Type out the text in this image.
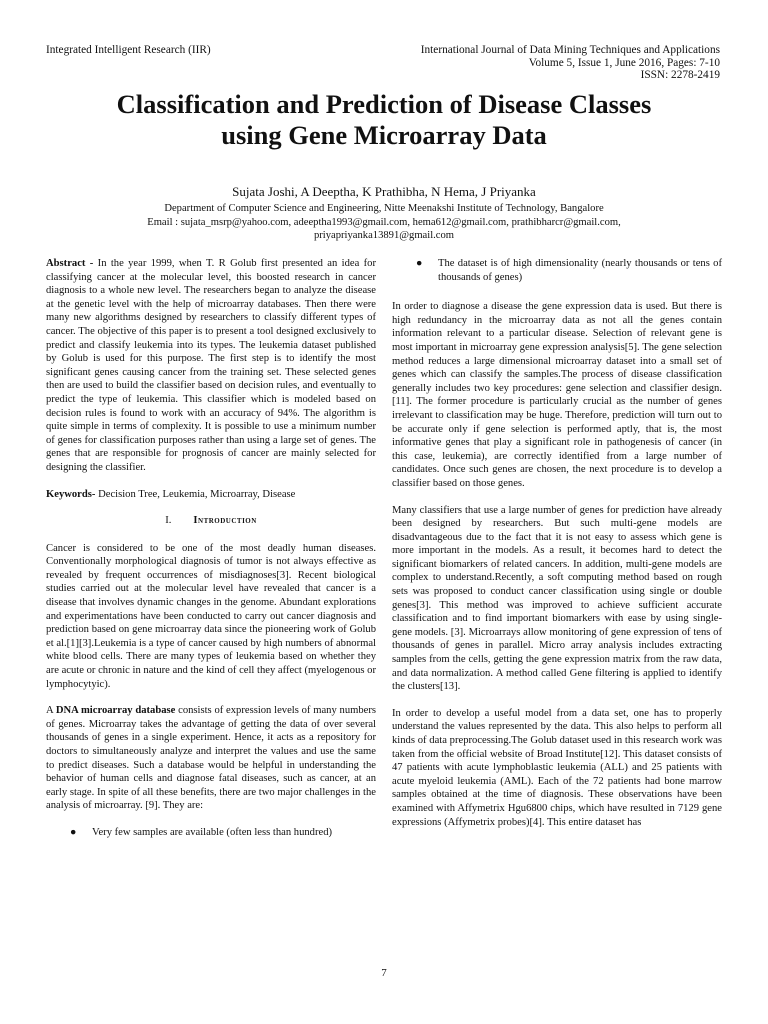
Integrated Intelligent Research (IIR)	International Journal of Data Mining Techniques and Applications
Volume 5, Issue 1, June 2016, Pages: 7-10
ISSN: 2278-2419
Classification and Prediction of Disease Classes
using Gene Microarray Data
Sujata Joshi, A Deeptha, K Prathibha, N Hema, J Priyanka
Department of Computer Science and Engineering, Nitte Meenakshi Institute of Technology, Bangalore
Email : sujata_msrp@yahoo.com, adeeptha1993@gmail.com, hema612@gmail.com, prathibharcr@gmail.com,
priyapriyanka13891@gmail.com

Abstract - In the year 1999, when T. R Golub first presented an idea for classifying cancer at the molecular level, this boosted research in cancer diagnosis to a whole new level. The researchers began to analyze the disease at the genetic level with the help of microarray databases. Then there were many new algorithms designed by researchers to classify different types of cancer. The objective of this paper is to present a tool designed exclusively to predict and classify leukemia into its types. The leukemia dataset published by Golub is used for this purpose. The first step is to identify the most significant genes causing cancer from the training set. These selected genes then are used to build the classifier based on decision rules, and eventually to predict the type of leukemia. This classifier which is modeled based on decision rules is found to work with an accuracy of 94%. The algorithm is quite simple in terms of complexity. It is possible to use a minimum number of genes for classification purposes rather than using a large set of genes. The genes that are responsible for prognosis of cancer are mainly selected for designing the classifier.

Keywords- Decision Tree, Leukemia, Microarray, Disease

I. Introduction

Cancer is considered to be one of the most deadly human diseases. Conventionally morphological diagnosis of tumor is not always effective as revealed by frequent occurrences of misdiagnoses[3]. Recent biological studies carried out at the molecular level have revealed that cancer is a disease that involves dynamic changes in the genome. Abundant explorations and experimentations have been conducted to carry out cancer diagnosis and prediction based on gene microarray data since the pioneering work of Golub et al.[1][3].Leukemia is a type of cancer caused by high numbers of abnormal white blood cells. There are many types of leukemia based on whether they are acute or chronic in nature and the kind of cell they affect (myelogenous or lymphocytyic).

A DNA microarray database consists of expression levels of many numbers of genes. Microarray takes the advantage of getting the data of over several thousands of genes in a single experiment. Hence, it acts as a repository for doctors to simultaneously analyze and interpret the values and use the same to predict diseases. Such a database would be helpful in understanding the behavior of human cells and diagnose fatal diseases, such as cancer, at an early stage. In spite of all these benefits, there are two major challenges in the analysis of microarray. [9]. They are:

● Very few samples are available (often less than hundred)
● The dataset is of high dimensionality (nearly thousands or tens of thousands of genes)

In order to diagnose a disease the gene expression data is used. But there is high redundancy in the microarray data as not all the genes contain information relevant to a particular disease. Selection of relevant gene is most important in microarray gene expression analysis[5]. The gene selection method reduces a large dimensional microarray dataset into a small set of genes which can classify the samples.The process of disease classification generally includes two key procedures: gene selection and classifier design. [11]. The former procedure is particularly crucial as the number of genes irrelevant to classification may be huge. Therefore, prediction will turn out to be accurate only if gene selection is performed aptly, that is, the most informative genes that play a significant role in pathogenesis of cancer (in this case, leukemia), are correctly identified from a large number of candidates. Once such genes are chosen, the next procedure is to develop a classifier based on those genes.

Many classifiers that use a large number of genes for prediction have already been designed by researchers. But such multi-gene models are disadvantageous due to the fact that it is not easy to assess which gene is more important in the models. As a result, it becomes hard to detect the significant biomarkers of related cancers. In addition, multi-gene models are complex to understand.Recently, a soft computing method based on rough sets was proposed to conduct cancer classification using single or double genes[3]. This method was improved to achieve sufficient accurate classification and to find important biomarkers with ease by using single-gene models. [3]. Microarrays allow monitoring of gene expression of tens of thousands of genes in parallel. Micro array analysis includes extracting samples from the cells, getting the gene expression matrix from the raw data, and data normalization. A method called Gene filtering is applied to identify the clusters[13].

In order to develop a useful model from a data set, one has to properly understand the values represented by the data. This also helps to perform all kinds of data preprocessing.The Golub dataset used in this research work was taken from the official website of Broad Institute[12]. This dataset consists of 47 patients with acute lymphoblastic leukemia (ALL) and 25 patients with acute myeloid leukemia (AML). Each of the 72 patients had bone marrow samples obtained at the time of diagnosis. These observations have been examined with Affymetrix Hgu6800 chips, which have resulted in 7129 gene expressions (Affymetrix probes)[4]. This entire dataset has

7
